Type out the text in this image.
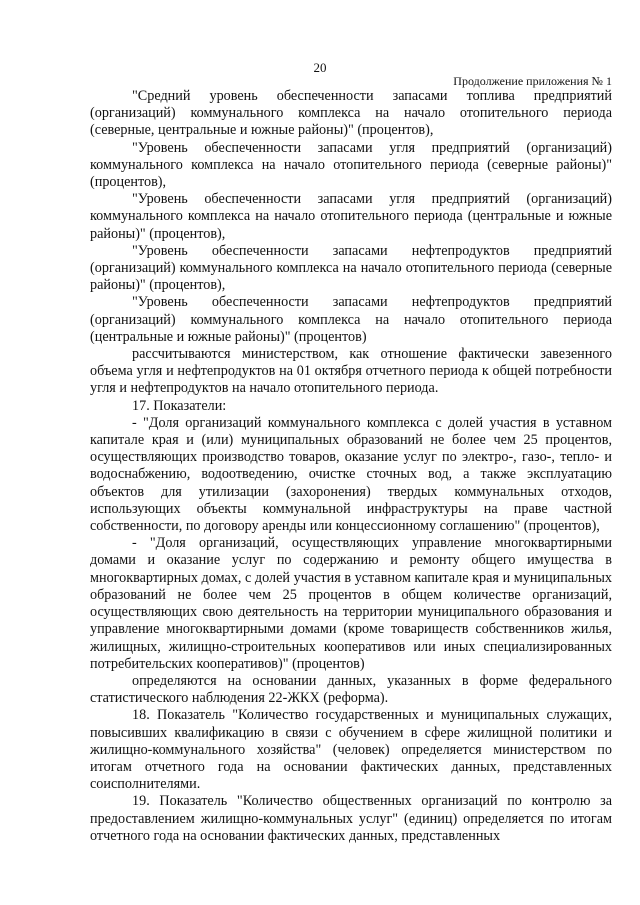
20
Продолжение приложения № 1

"Средний уровень обеспеченности запасами топлива предприятий (организаций) коммунального комплекса на начало отопительного периода (северные, центральные и южные районы)" (процентов),

"Уровень обеспеченности запасами угля предприятий (организаций) коммунального комплекса на начало отопительного периода (северные районы)" (процентов),

"Уровень обеспеченности запасами угля предприятий (организаций) коммунального комплекса на начало отопительного периода (центральные и южные районы)" (процентов),

"Уровень обеспеченности запасами нефтепродуктов предприятий (организаций) коммунального комплекса на начало отопительного периода (северные районы)" (процентов),

"Уровень обеспеченности запасами нефтепродуктов предприятий (организаций) коммунального комплекса на начало отопительного периода (центральные и южные районы)" (процентов)

рассчитываются министерством, как отношение фактически завезенного объема угля и нефтепродуктов на 01 октября отчетного периода к общей потребности угля и нефтепродуктов на начало отопительного периода.

17. Показатели:

- "Доля организаций коммунального комплекса с долей участия в уставном капитале края и (или) муниципальных образований не более чем 25 процентов, осуществляющих производство товаров, оказание услуг по электро-, газо-, тепло- и водоснабжению, водоотведению, очистке сточных вод, а также эксплуатацию объектов для утилизации (захоронения) твердых коммунальных отходов, использующих объекты коммунальной инфраструктуры на праве частной собственности, по договору аренды или концессионному соглашению" (процентов),

- "Доля организаций, осуществляющих управление многоквартирными домами и оказание услуг по содержанию и ремонту общего имущества в многоквартирных домах, с долей участия в уставном капитале края и муниципальных образований не более чем 25 процентов в общем количестве организаций, осуществляющих свою деятельность на территории муниципального образования и управление многоквартирными домами (кроме товариществ собственников жилья, жилищных, жилищно-строительных кооперативов или иных специализированных потребительских кооперативов)" (процентов)

определяются на основании данных, указанных в форме федерального статистического наблюдения 22-ЖКХ (реформа).

18. Показатель "Количество государственных и муниципальных служащих, повысивших квалификацию в связи с обучением в сфере жилищной политики и жилищно-коммунального хозяйства" (человек) определяется министерством по итогам отчетного года на основании фактических данных, представленных соисполнителями.

19. Показатель "Количество общественных организаций по контролю за предоставлением жилищно-коммунальных услуг" (единиц) определяется по итогам отчетного года на основании фактических данных, представленных
